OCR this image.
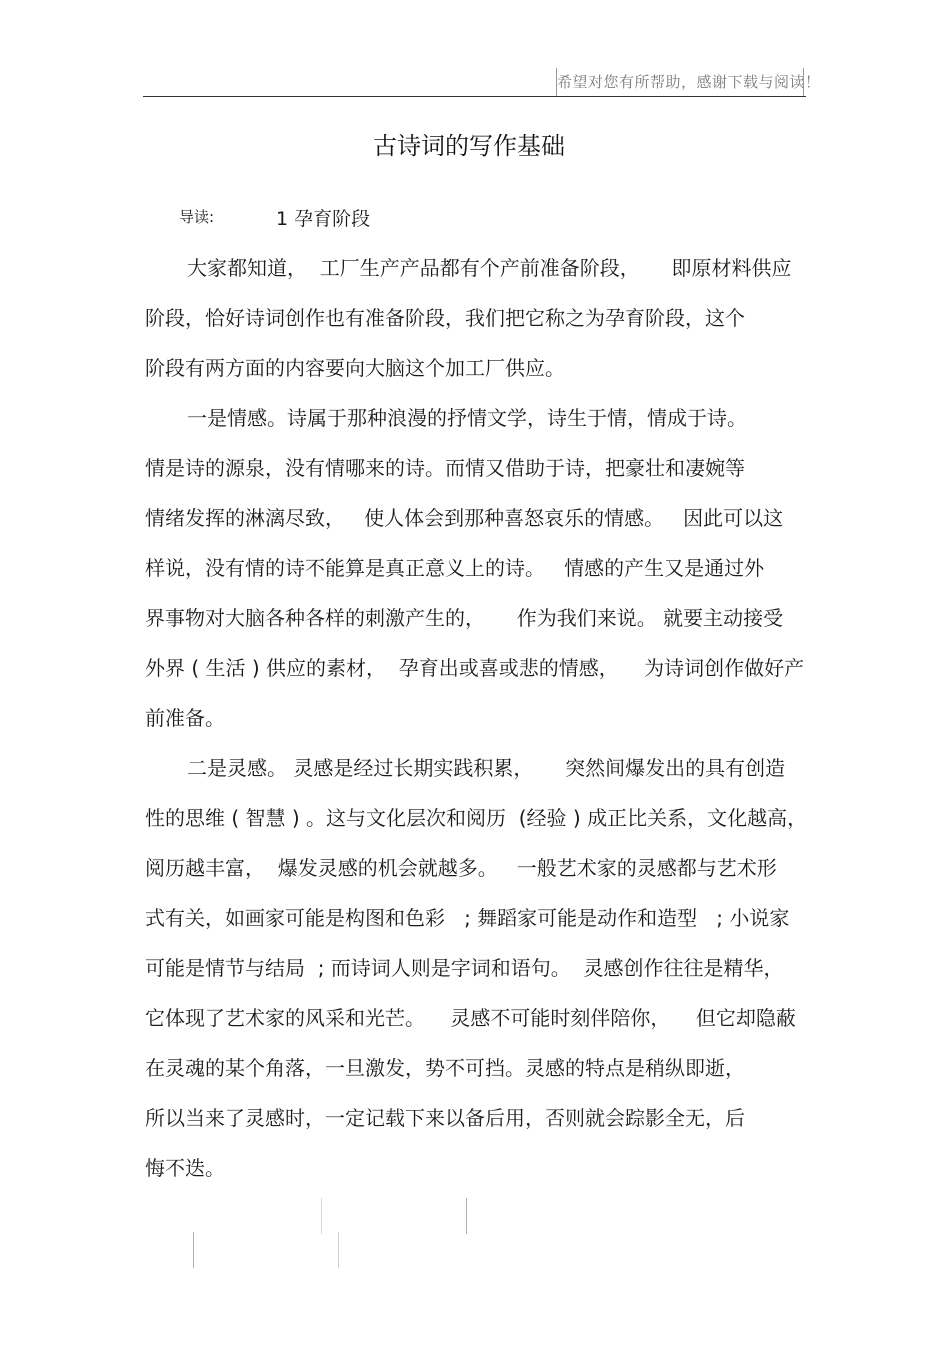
希望对您有所帮助，感谢下载与阅读！
古诗词的写作基础
导读:	1 孕育阶段
大家都知道，  工厂生产产品都有个产前准备阶段，     即原材料供应
阶段，恰好诗词创作也有准备阶段，我们把它称之为孕育阶段，这个
阶段有两方面的内容要向大脑这个加工厂供应。
一是情感。诗属于那种浪漫的抒情文学，诗生于情，情成于诗。
情是诗的源泉，没有情哪来的诗。而情又借助于诗，把豪壮和凄婉等
情绪发挥的淋漓尽致，   使人体会到那种喜怒哀乐的情感。   因此可以这
样说，没有情的诗不能算是真正意义上的诗。   情感的产生又是通过外
界事物对大脑各种各样的刺激产生的，     作为我们来说。 就要主动接受
外界 ( 生活 ) 供应的素材，  孕育出或喜或悲的情感，    为诗词创作做好产
前准备。
二是灵感。 灵感是经过长期实践积累，     突然间爆发出的具有创造
性的思维 ( 智慧 ) 。这与文化层次和阅历  (经验 ) 成正比关系，文化越高，
阅历越丰富，  爆发灵感的机会就越多。   一般艺术家的灵感都与艺术形
式有关，如画家可能是构图和色彩   ; 舞蹈家可能是动作和造型   ; 小说家
可能是情节与结局  ; 而诗词人则是字词和语句。  灵感创作往往是精华，
它体现了艺术家的风采和光芒。    灵感不可能时刻伴陪你，    但它却隐蔽
在灵魂的某个角落，一旦激发，势不可挡。灵感的特点是稍纵即逝，
所以当来了灵感时，一定记载下来以备后用，否则就会踪影全无，后
悔不迭。
